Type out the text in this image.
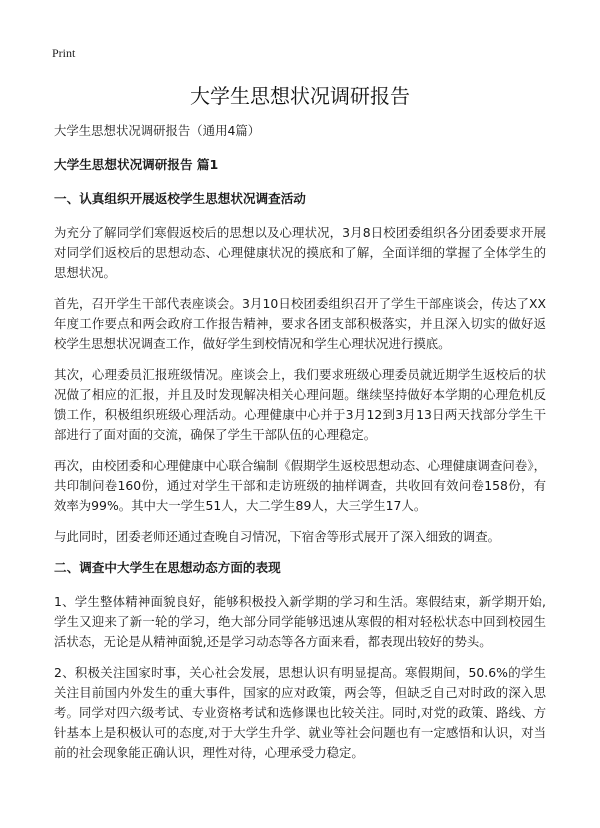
Print
大学生思想状况调研报告

大学生思想状况调研报告（通用4篇）

大学生思想状况调研报告 篇1
一、认真组织开展返校学生思想状况调查活动

为充分了解同学们寒假返校后的思想以及心理状况，3月8日校团委组织各分团委要求开展对同学们返校后的思想动态、心理健康状况的摸底和了解，全面详细的掌握了全体学生的思想状况。

首先，召开学生干部代表座谈会。3月10日校团委组织召开了学生干部座谈会，传达了XX年度工作要点和两会政府工作报告精神，要求各团支部积极落实，并且深入切实的做好返校学生思想状况调查工作，做好学生到校情况和学生心理状况进行摸底。

其次，心理委员汇报班级情况。座谈会上，我们要求班级心理委员就近期学生返校后的状况做了相应的汇报，并且及时发现解决相关心理问题。继续坚持做好本学期的心理危机反馈工作，积极组织班级心理活动。心理健康中心并于3月12到3月13日两天找部分学生干部进行了面对面的交流，确保了学生干部队伍的心理稳定。

再次，由校团委和心理健康中心联合编制《假期学生返校思想动态、心理健康调查问卷》，共印制问卷160份，通过对学生干部和走访班级的抽样调查，共收回有效问卷158份，有效率为99%。其中大一学生51人，大二学生89人，大三学生17人。

与此同时，团委老师还通过查晚自习情况，下宿舍等形式展开了深入细致的调查。

二、调查中大学生在思想动态方面的表现

1、学生整体精神面貌良好，能够积极投入新学期的学习和生活。寒假结束，新学期开始,学生又迎来了新一轮的学习，绝大部分同学能够迅速从寒假的相对轻松状态中回到校园生活状态，无论是从精神面貌,还是学习动态等各方面来看，都表现出较好的势头。

2、积极关注国家时事，关心社会发展，思想认识有明显提高。寒假期间，50.6%的学生关注目前国内外发生的重大事件，国家的应对政策，两会等，但缺乏自己对时政的深入思考。同学对四六级考试、专业资格考试和选修课也比较关注。同时,对党的政策、路线、方针基本上是积极认可的态度,对于大学生升学、就业等社会问题也有一定感悟和认识，对当前的社会现象能正确认识，理性对待，心理承受力稳定。
